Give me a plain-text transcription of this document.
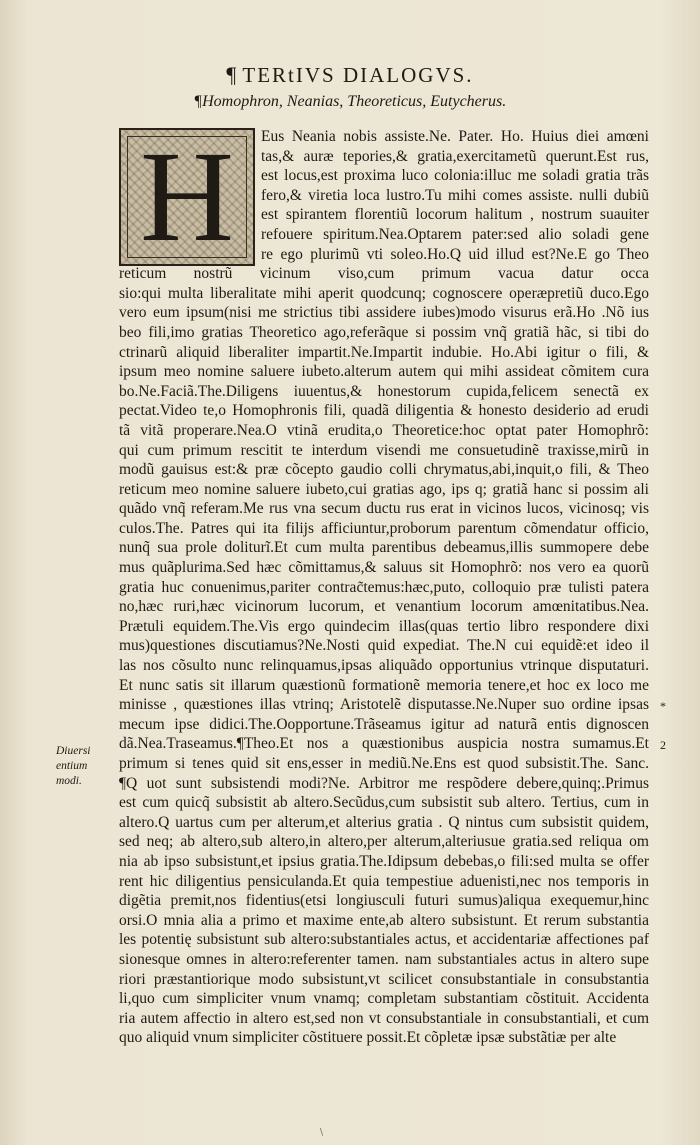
¶ TERtIVS DIALOGVS.
¶Homophron, Neanias, Theoreticus, Eutycherus.
H	Eus Neania nobis assiste.Ne. Pater. Ho. Huius diei amœni
tas,& auræ tepories,& gratia,exercitametũ querunt.Est rus,
est locus,est proxima luco colonia:illuc me soladi gratia trãs
fero,& viretia loca lustro.Tu mihi comes assiste. nulli dubiũ
est spirantem florentiũ locorum halitum , nostrum suauiter
refouere spiritum.Nea.Optarem pater:sed alio soladi gene
re ego plurimũ vti soleo.Ho.Q uid illud est?Ne.E go Theo
reticum nostrũ vicinum viso,cum primum vacua datur occa
sio:qui multa liberalitate mihi aperit quodcunq; cognoscere operæpretiũ duco.Ego
vero eum ipsum(nisi me strictius tibi assidere iubes)modo visurus erã.Ho .Nõ ius
beo fili,imo gratias Theoretico ago,referãque si possim vnq̃ gratiã hãc, si tibi do
ctrinarũ aliquid liberaliter impartit.Ne.Impartit indubie. Ho.Abi igitur o fili, &
ipsum meo nomine saluere iubeto.alterum autem qui mihi assideat cõmitem cura
bo.Ne.Faciã.The.Diligens iuuentus,& honestorum cupida,felicem senectã ex
pectat.Video te,o Homophronis fili, quadã diligentia & honesto desiderio ad erudi
tã vitã properare.Nea.O vtinã erudita,o Theoretice:hoc optat pater Homophrõ:
qui cum primum rescitit te interdum visendi me consuetudinẽ traxisse,mirũ in
modũ gauisus est:& præ cõcepto gaudio colli chrymatus,abi,inquit,o fili, & Theo
reticum meo nomine saluere iubeto,cui gratias ago, ips q; gratiã hanc si possim ali
quãdo vnq̃ referam.Me rus vna secum ductu rus erat in vicinos lucos, vicinosq; vis
culos.The. Patres qui ita filijs afficiuntur,proborum parentum cõmendatur officio,
nunq̃ sua prole doliturĩ.Et cum multa parentibus debeamus,illis summopere debe
mus quãplurima.Sed hæc cõmittamus,& saluus sit Homophrõ: nos vero ea quorũ
gratia huc conuenimus,pariter contrac̃temus:hæc,puto, colloquio præ tulisti patera
no,hæc ruri,hæc vicinorum lucorum, et venantium locorum amœnitatibus.Nea.
Prætuli equidem.The.Vis ergo quindecim illas(quas tertio libro respondere dixi
mus)questiones discutiamus?Ne.Nosti quid expediat. The.N cui equidẽ:et ideo il
las nos cõsulto nunc relinquamus,ipsas aliquãdo opportunius vtrinque disputaturi.
Et nunc satis sit illarum quæstionũ formationẽ memoria tenere,et hoc ex loco me
minisse , quæstiones illas vtrinq; Aristotelẽ disputasse.Ne.Nuper suo ordine ipsas
mecum ipse didici.The.Oopportune.Trãseamus igitur ad naturã entis dignoscen
dã.Nea.Traseamus.¶Theo.Et nos a quæstionibus auspicia nostra sumamus.Et
primum si tenes quid sit ens,esser in mediũ.Ne.Ens est quod subsistit.The. Sanc.
¶Q uot sunt subsistendi modi?Ne. Arbitror me respõdere debere,quinq;.Primus
est cum quicq̃ subsistit ab altero.Secũdus,cum subsistit sub altero. Tertius, cum in
altero.Q uartus cum per alterum,et alterius gratia . Q nintus cum subsistit quidem,
sed neq; ab altero,sub altero,in altero,per alterum,alteriusue gratia.sed reliqua om
nia ab ipso subsistunt,et ipsius gratia.The.Idipsum debebas,o fili:sed multa se offer
rent hic diligentius pensiculanda.Et quia tempestiue aduenisti,nec nos temporis in
digẽtia premit,nos fidentius(etsi longiusculi futuri sumus)aliqua exequemur,hinc
orsi.O mnia alia a primo et maxime ente,ab altero subsistunt. Et rerum substantia
les potentię subsistunt sub altero:substantiales actus, et accidentariæ affectiones paf
sionesque omnes in altero:referenter tamen. nam substantiales actus in altero supe
riori præstantiorique modo subsistunt,vt scilicet consubstantiale in consubstantia
li,quo cum simpliciter vnum vnamq; completam substantiam cõstituit. Accidenta
ria autem affectio in altero est,sed non vt consubstantiale in consubstantiali, et cum
quo aliquid vnum simpliciter cõstituere possit.Et cõpletæ ipsæ substãtiæ per alte
Diuersi
entium
modi.
*
2
\
